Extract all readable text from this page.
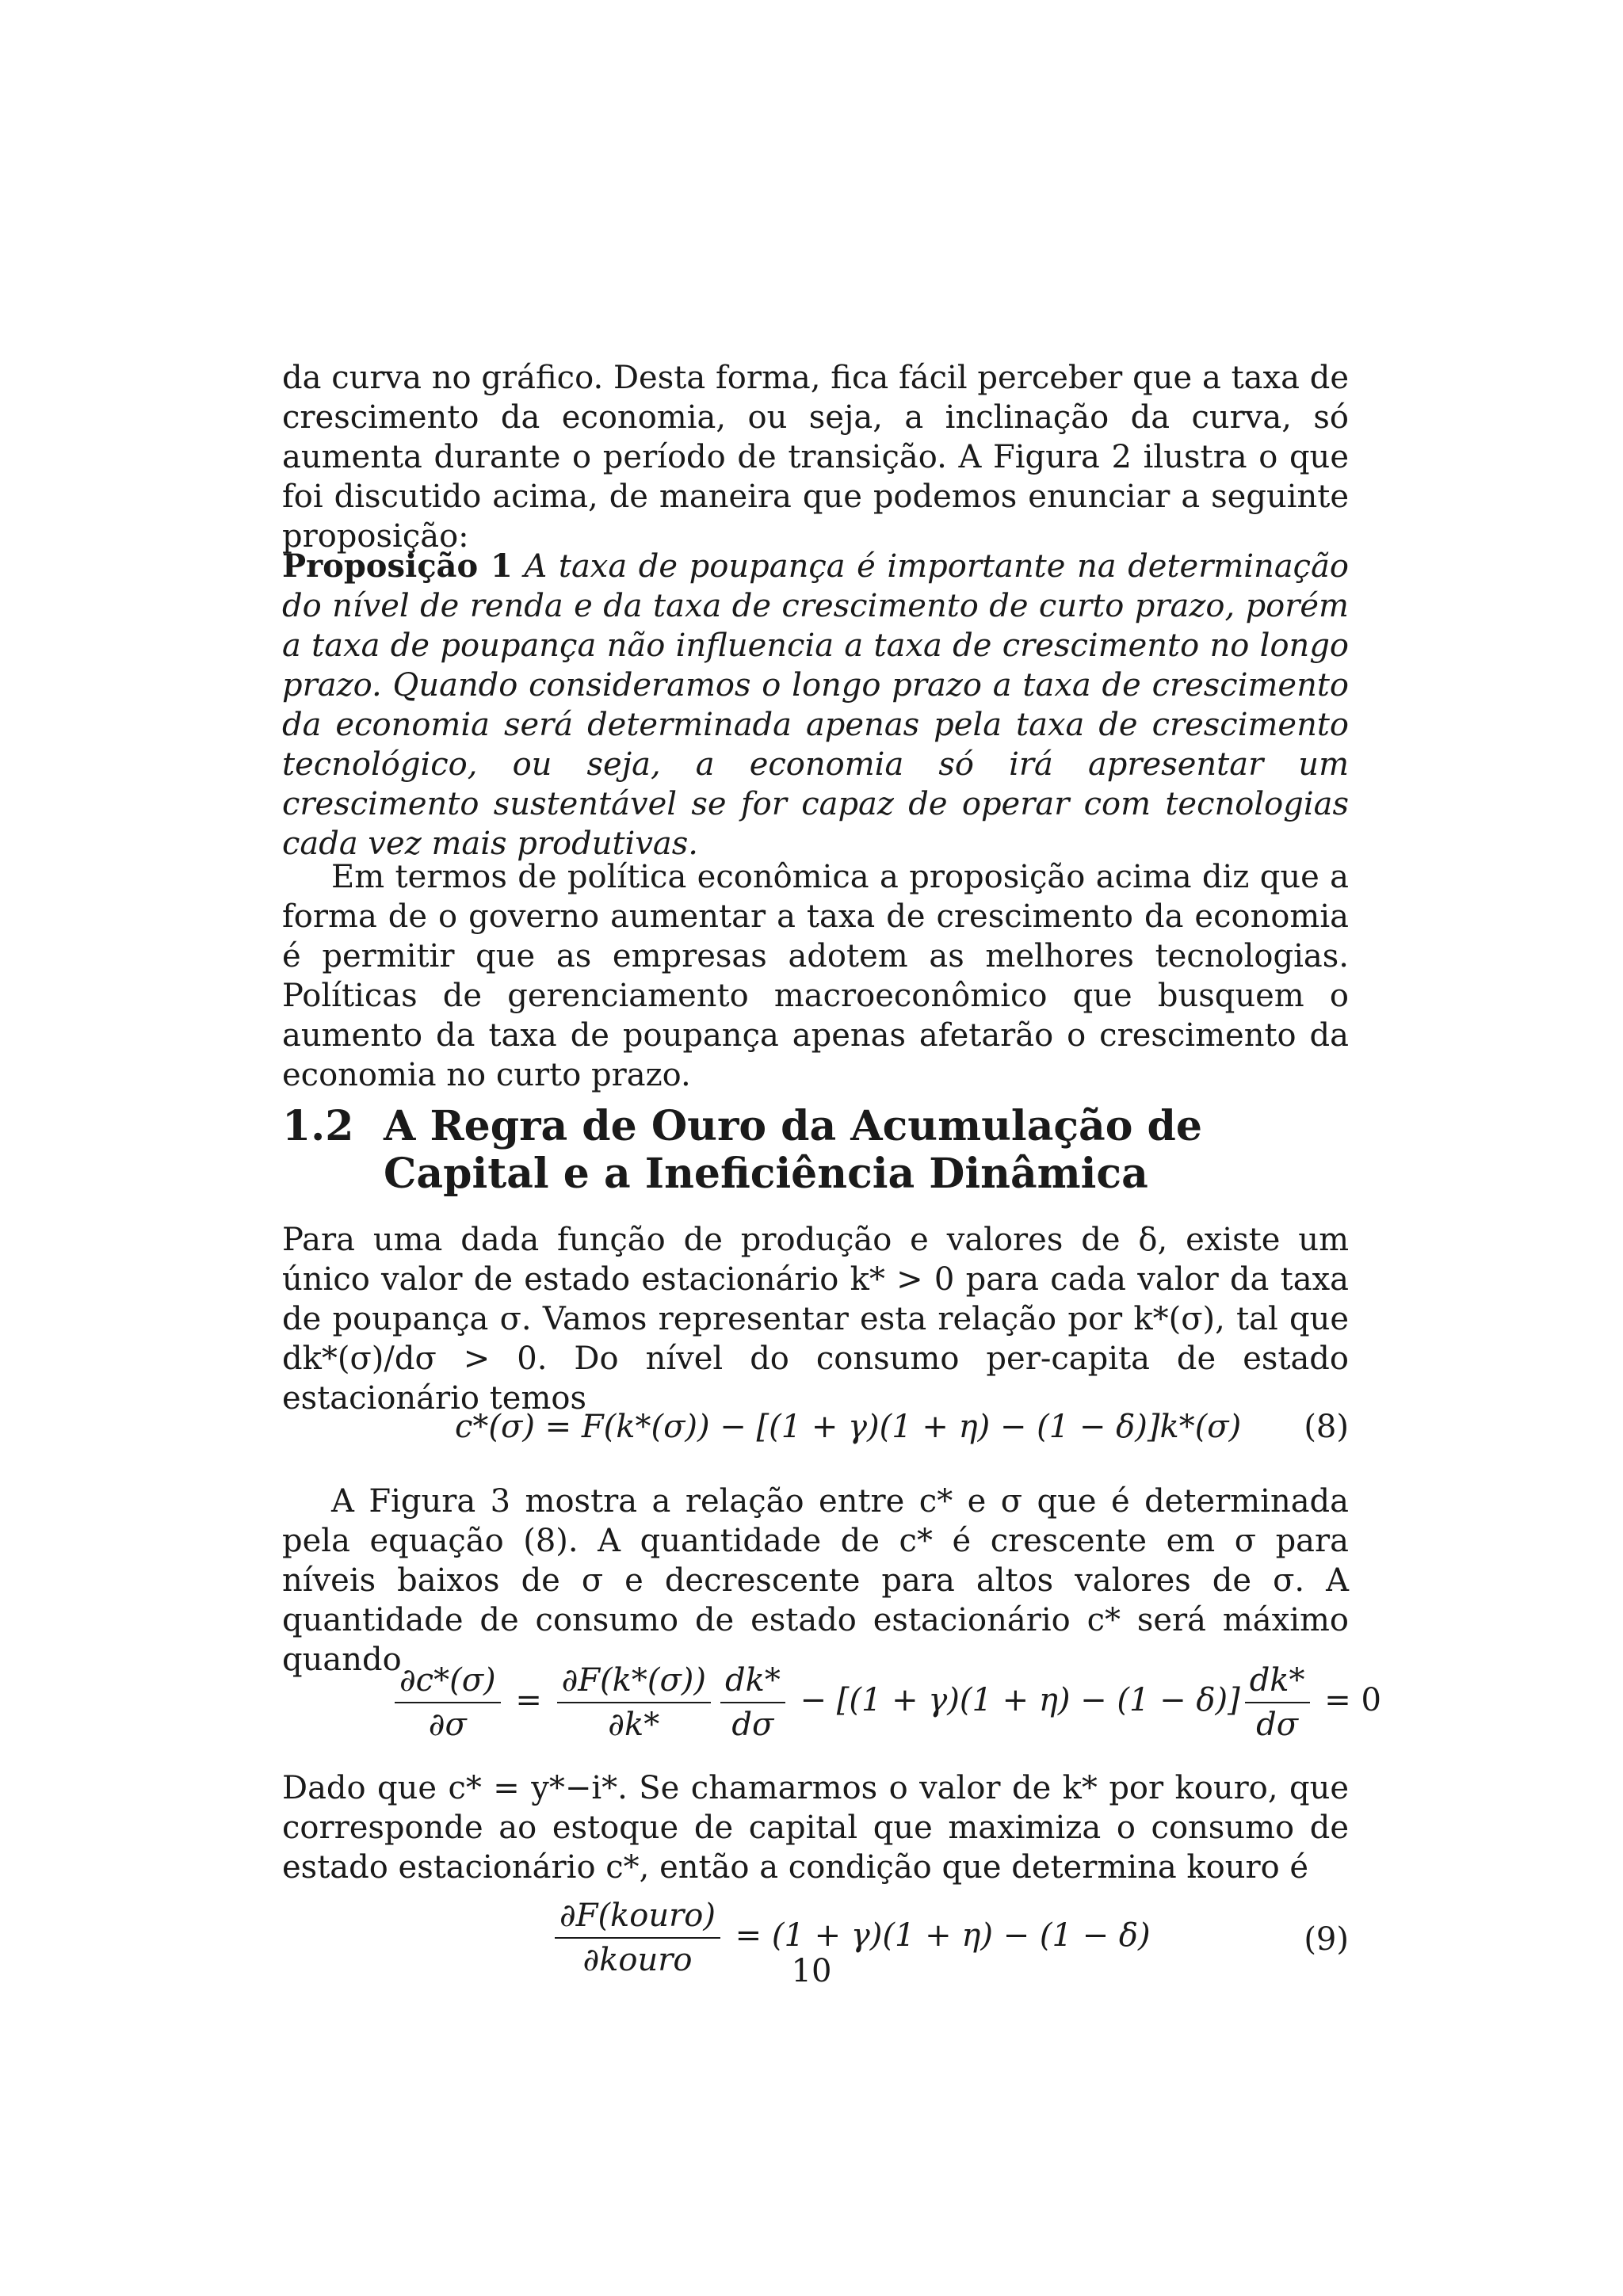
da curva no gráfico. Desta forma, fica fácil perceber que a taxa de crescimento da economia, ou seja, a inclinação da curva, só aumenta durante o período de transição. A Figura 2 ilustra o que foi discutido acima, de maneira que podemos enunciar a seguinte proposição:
Proposição 1 A taxa de poupança é importante na determinação do nível de renda e da taxa de crescimento de curto prazo, porém a taxa de poupança não influencia a taxa de crescimento no longo prazo. Quando consideramos o longo prazo a taxa de crescimento da economia será determinada apenas pela taxa de crescimento tecnológico, ou seja, a economia só irá apresentar um crescimento sustentável se for capaz de operar com tecnologias cada vez mais produtivas.
Em termos de política econômica a proposição acima diz que a forma de o governo aumentar a taxa de crescimento da economia é permitir que as empresas adotem as melhores tecnologias. Políticas de gerenciamento macroeconômico que busquem o aumento da taxa de poupança apenas afetarão o crescimento da economia no curto prazo.
1.2 A Regra de Ouro da Acumulação de Capital e a Ineficiência Dinâmica
Para uma dada função de produção e valores de δ, existe um único valor de estado estacionário k* > 0 para cada valor da taxa de poupança σ. Vamos representar esta relação por k*(σ), tal que dk*(σ)/dσ > 0. Do nível do consumo per-capita de estado estacionário temos
c*(σ) = F(k*(σ)) − [(1 + γ)(1 + η) − (1 − δ)]k*(σ) (8)
A Figura 3 mostra a relação entre c* e σ que é determinada pela equação (8). A quantidade de c* é crescente em σ para níveis baixos de σ e decrescente para altos valores de σ. A quantidade de consumo de estado estacionário c* será máximo quando
$\frac{\partial c*(\sigma)}{\partial\sigma} = \frac{\partial F(k*(\sigma))}{\partial k*} \frac{dk*}{d\sigma} - [(1 + \gamma)(1 + \eta) - (1 - \delta)] \frac{dk*}{d\sigma} = 0$
Dado que c* = y*−i*. Se chamarmos o valor de k* por kouro, que corresponde ao estoque de capital que maximiza o consumo de estado estacionário c*, então a condição que determina kouro é
$\frac{\text{∂F(kouro)}}{\text{∂kouro}} = (1 + \gamma)(1 + \eta) - (1 - \delta)$	(9)
10
